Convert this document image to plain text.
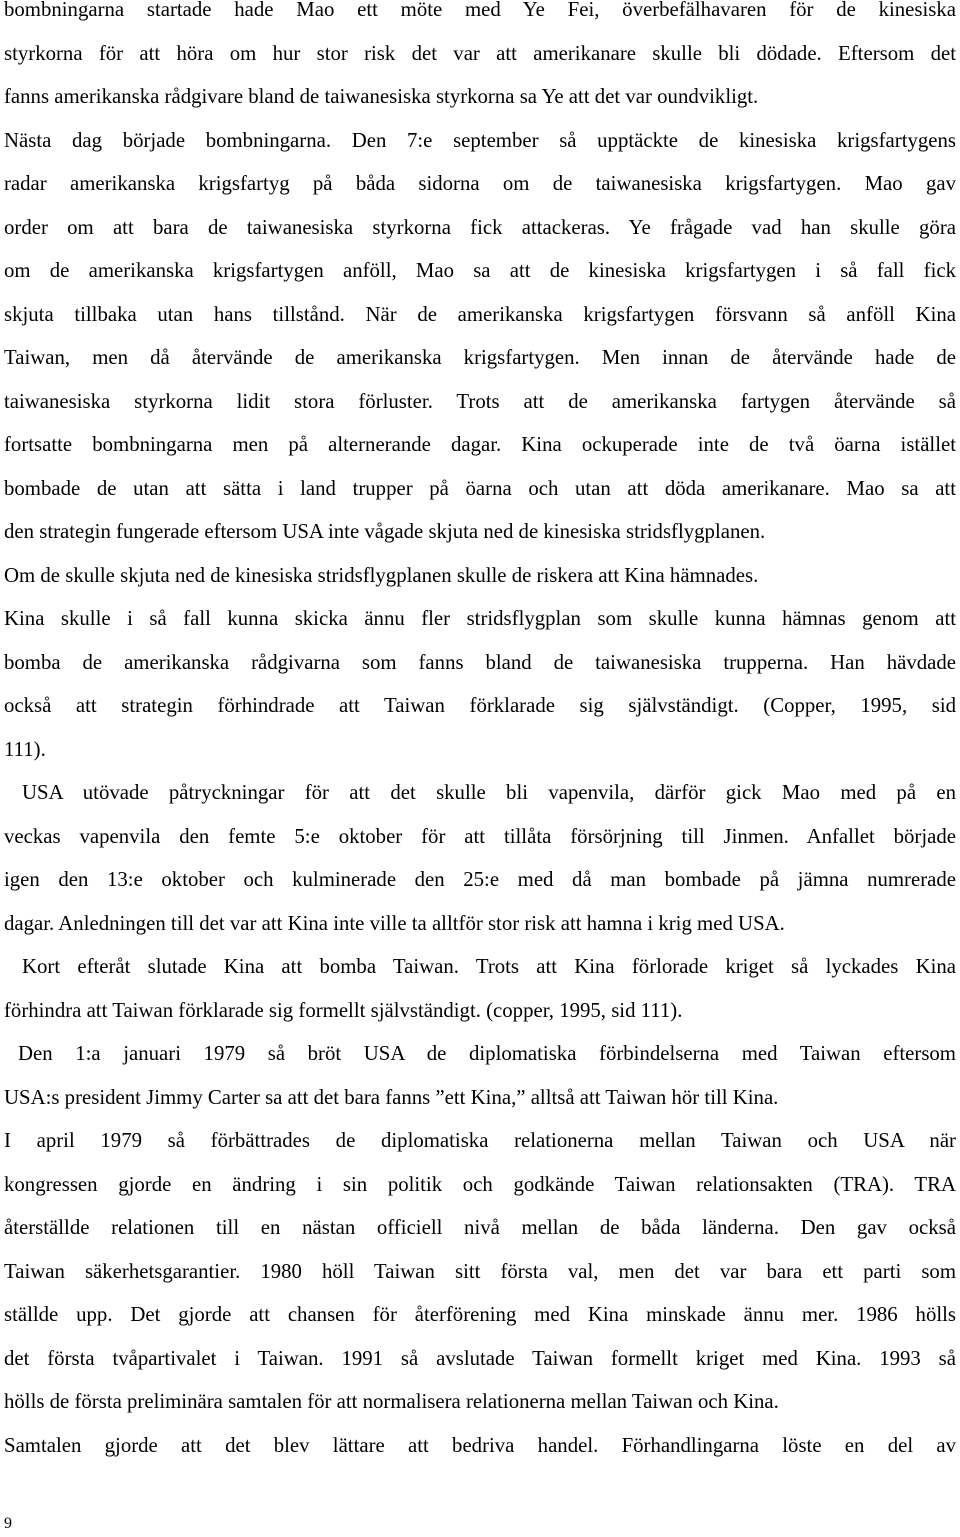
bombningarna startade hade Mao ett möte med Ye Fei, överbefälhavaren för de kinesiska
styrkorna för att höra om hur stor risk det var att amerikanare skulle bli dödade. Eftersom det
fanns amerikanska rådgivare bland de taiwanesiska styrkorna sa Ye att det var oundvikligt.
Nästa dag började bombningarna. Den 7:e september så upptäckte de kinesiska krigsfartygens
radar amerikanska krigsfartyg på båda sidorna om de taiwanesiska krigsfartygen. Mao gav
order om att bara de taiwanesiska styrkorna fick attackeras. Ye frågade vad han skulle göra
om de amerikanska krigsfartygen anföll, Mao sa att de kinesiska krigsfartygen i så fall fick
skjuta tillbaka utan hans tillstånd. När de amerikanska krigsfartygen försvann så anföll Kina
Taiwan, men då återvände de amerikanska krigsfartygen. Men innan de återvände hade de
taiwanesiska styrkorna lidit stora förluster. Trots att de amerikanska fartygen återvände så
fortsatte bombningarna men på alternerande dagar. Kina ockuperade inte de två öarna istället
bombade de utan att sätta i land trupper på öarna och utan att döda amerikanare. Mao sa att
den strategin fungerade eftersom USA inte vågade skjuta ned de kinesiska stridsflygplanen.
Om de skulle skjuta ned de kinesiska stridsflygplanen skulle de riskera att Kina hämnades.
Kina skulle i så fall kunna skicka ännu fler stridsflygplan som skulle kunna hämnas genom att
bomba de amerikanska rådgivarna som fanns bland de taiwanesiska trupperna. Han hävdade
också att strategin förhindrade att Taiwan förklarade sig självständigt. (Copper, 1995, sid
111).
USA utövade påtryckningar för att det skulle bli vapenvila, därför gick Mao med på en
veckas vapenvila den femte 5:e oktober för att tillåta försörjning till Jinmen. Anfallet började
igen den 13:e oktober och kulminerade den 25:e med då man bombade på jämna numrerade
dagar. Anledningen till det var att Kina inte ville ta alltför stor risk att hamna i krig med USA.
Kort efteråt slutade Kina att bomba Taiwan. Trots att Kina förlorade kriget så lyckades Kina
förhindra att Taiwan förklarade sig formellt självständigt. (copper, 1995, sid 111).
Den 1:a januari 1979 så bröt USA de diplomatiska förbindelserna med Taiwan eftersom
USA:s president Jimmy Carter sa att det bara fanns ”ett Kina,” alltså att Taiwan hör till Kina.
I april 1979 så förbättrades de diplomatiska relationerna mellan Taiwan och USA när
kongressen gjorde en ändring i sin politik och godkände Taiwan relationsakten (TRA). TRA
återställde relationen till en nästan officiell nivå mellan de båda länderna. Den gav också
Taiwan säkerhetsgarantier. 1980 höll Taiwan sitt första val, men det var bara ett parti som
ställde upp. Det gjorde att chansen för återförening med Kina minskade ännu mer. 1986 hölls
det första tvåpartivalet i Taiwan. 1991 så avslutade Taiwan formellt kriget med Kina. 1993 så
hölls de första preliminära samtalen för att normalisera relationerna mellan Taiwan och Kina.
Samtalen gjorde att det blev lättare att bedriva handel. Förhandlingarna löste en del av
9
